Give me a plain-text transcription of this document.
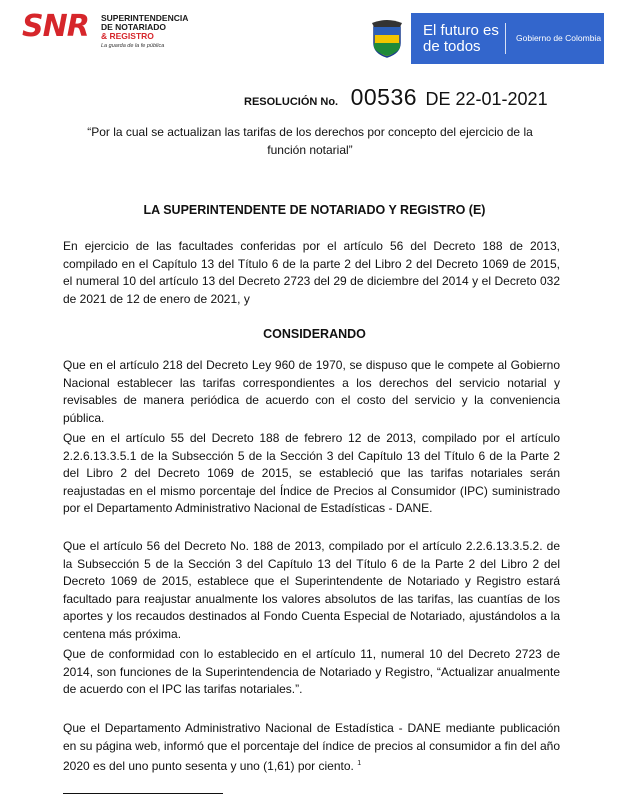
SNR SUPERINTENDENCIA
DE NOTARIADO
& REGISTRO
La guarda de la fe pública
El futuro es de todos	Gobierno de Colombia
RESOLUCIÓN No. 00536 DE 22-01-2021
“Por la cual se actualizan las tarifas de los derechos por concepto del ejercicio de la función notarial”
LA SUPERINTENDENTE DE NOTARIADO Y REGISTRO (E)
En ejercicio de las facultades conferidas por el artículo 56 del Decreto 188 de 2013, compilado en el Capítulo 13 del Título 6 de la parte 2 del Libro 2 del Decreto 1069 de 2015, el numeral 10 del artículo 13 del Decreto 2723 del 29 de diciembre del 2014 y el Decreto 032 de 2021 de 12 de enero de 2021, y
CONSIDERANDO
Que en el artículo 218 del Decreto Ley 960 de 1970, se dispuso que le compete al Gobierno Nacional establecer las tarifas correspondientes a los derechos del servicio notarial y revisables de manera periódica de acuerdo con el costo del servicio y la conveniencia pública.
Que en el artículo 55 del Decreto 188 de febrero 12 de 2013, compilado por el artículo 2.2.6.13.3.5.1 de la Subsección 5 de la Sección 3 del Capítulo 13 del Título 6 de la Parte 2 del Libro 2 del Decreto 1069 de 2015, se estableció que las tarifas notariales serán reajustadas en el mismo porcentaje del Índice de Precios al Consumidor (IPC) suministrado por el Departamento Administrativo Nacional de Estadísticas - DANE.
Que el artículo 56 del Decreto No. 188 de 2013, compilado por el artículo 2.2.6.13.3.5.2. de la Subsección 5 de la Sección 3 del Capítulo 13 del Título 6 de la Parte 2 del Libro 2 del Decreto 1069 de 2015, establece que el Superintendente de Notariado y Registro estará facultado para reajustar anualmente los valores absolutos de las tarifas, las cuantías de los aportes y los recaudos destinados al Fondo Cuenta Especial de Notariado, ajustándolos a la centena más próxima.
Que de conformidad con lo establecido en el artículo 11, numeral 10 del Decreto 2723 de 2014, son funciones de la Superintendencia de Notariado y Registro, “Actualizar anualmente de acuerdo con el IPC las tarifas notariales.”.
Que el Departamento Administrativo Nacional de Estadística - DANE mediante publicación en su página web, informó que el porcentaje del índice de precios al consumidor a fin del año 2020 es del uno punto sesenta y uno (1,61) por ciento. $^1$
